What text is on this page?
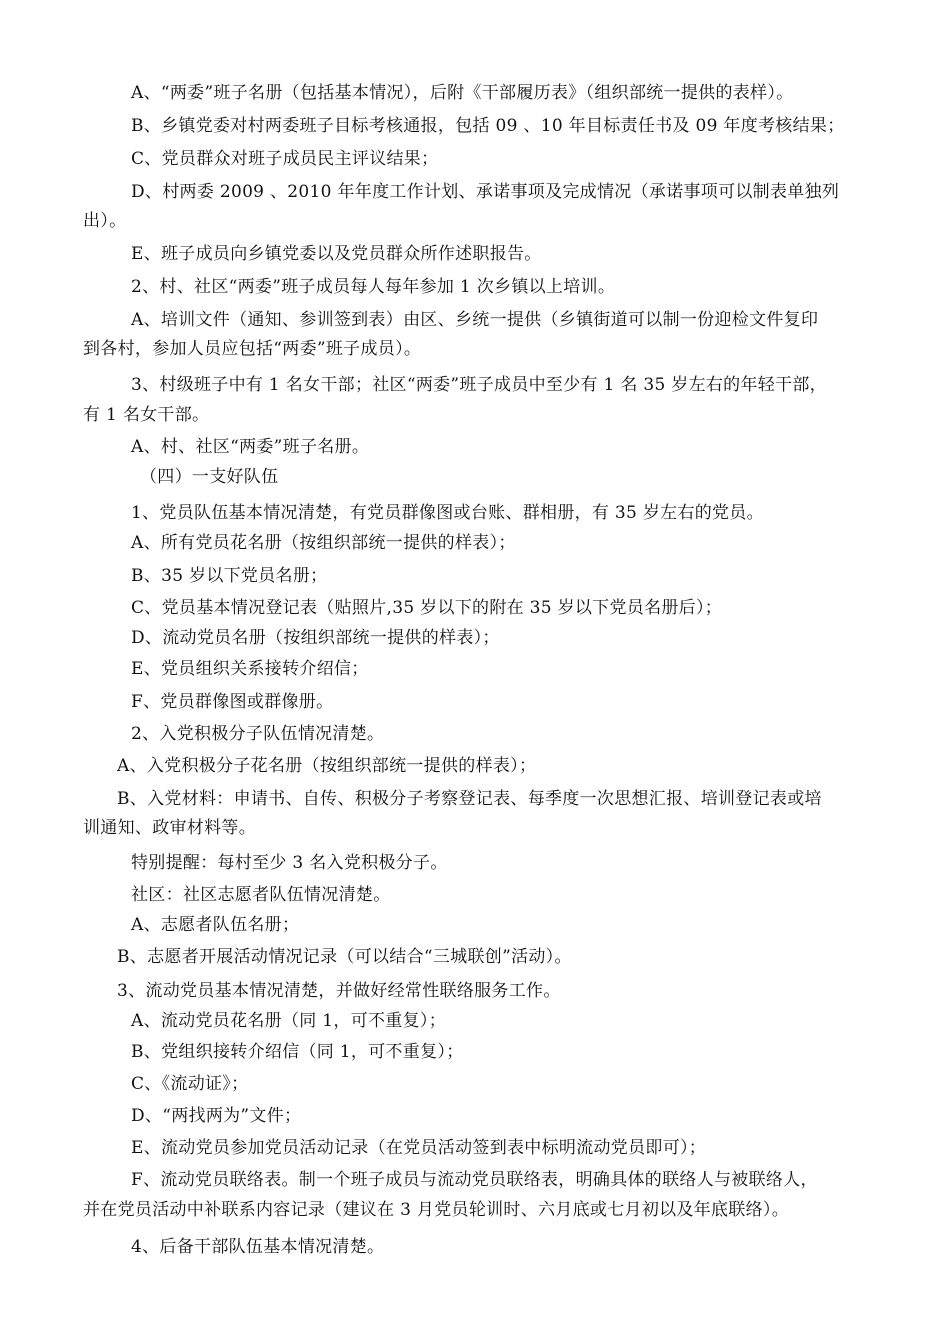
A、“两委”班子名册（包括基本情况），后附《干部履历表》（组织部统一提供的表样）。
B、乡镇党委对村两委班子目标考核通报，包括 09 、10 年目标责任书及 09 年度考核结果；
C、党员群众对班子成员民主评议结果；
D、村两委 2009 、2010 年年度工作计划、承诺事项及完成情况（承诺事项可以制表单独列
出）。
E、班子成员向乡镇党委以及党员群众所作述职报告。
2、村、社区“两委”班子成员每人每年参加 1 次乡镇以上培训。
A、培训文件（通知、参训签到表）由区、乡统一提供（乡镇街道可以制一份迎检文件复印
到各村，参加人员应包括“两委”班子成员）。
3、村级班子中有 1 名女干部；社区“两委”班子成员中至少有 1 名 35 岁左右的年轻干部，
有 1 名女干部。
A、村、社区“两委”班子名册。
（四）一支好队伍
1、党员队伍基本情况清楚，有党员群像图或台账、群相册，有 35 岁左右的党员。
A、所有党员花名册（按组织部统一提供的样表）；
B、35 岁以下党员名册；
C、党员基本情况登记表（贴照片,35 岁以下的附在 35 岁以下党员名册后）；
D、流动党员名册（按组织部统一提供的样表）；
E、党员组织关系接转介绍信；
F、党员群像图或群像册。
2、入党积极分子队伍情况清楚。
A、入党积极分子花名册（按组织部统一提供的样表）；
B、入党材料：申请书、自传、积极分子考察登记表、每季度一次思想汇报、培训登记表或培
训通知、政审材料等。
特别提醒：每村至少 3 名入党积极分子。
社区：社区志愿者队伍情况清楚。
A、志愿者队伍名册；
B、志愿者开展活动情况记录（可以结合“三城联创”活动）。
3、流动党员基本情况清楚，并做好经常性联络服务工作。
A、流动党员花名册（同 1，可不重复）；
B、党组织接转介绍信（同 1，可不重复）；
C、《流动证》；
D、“两找两为”文件；
E、流动党员参加党员活动记录（在党员活动签到表中标明流动党员即可）；
F、流动党员联络表。制一个班子成员与流动党员联络表，明确具体的联络人与被联络人，
并在党员活动中补联系内容记录（建议在 3 月党员轮训时、六月底或七月初以及年底联络）。
4、后备干部队伍基本情况清楚。
